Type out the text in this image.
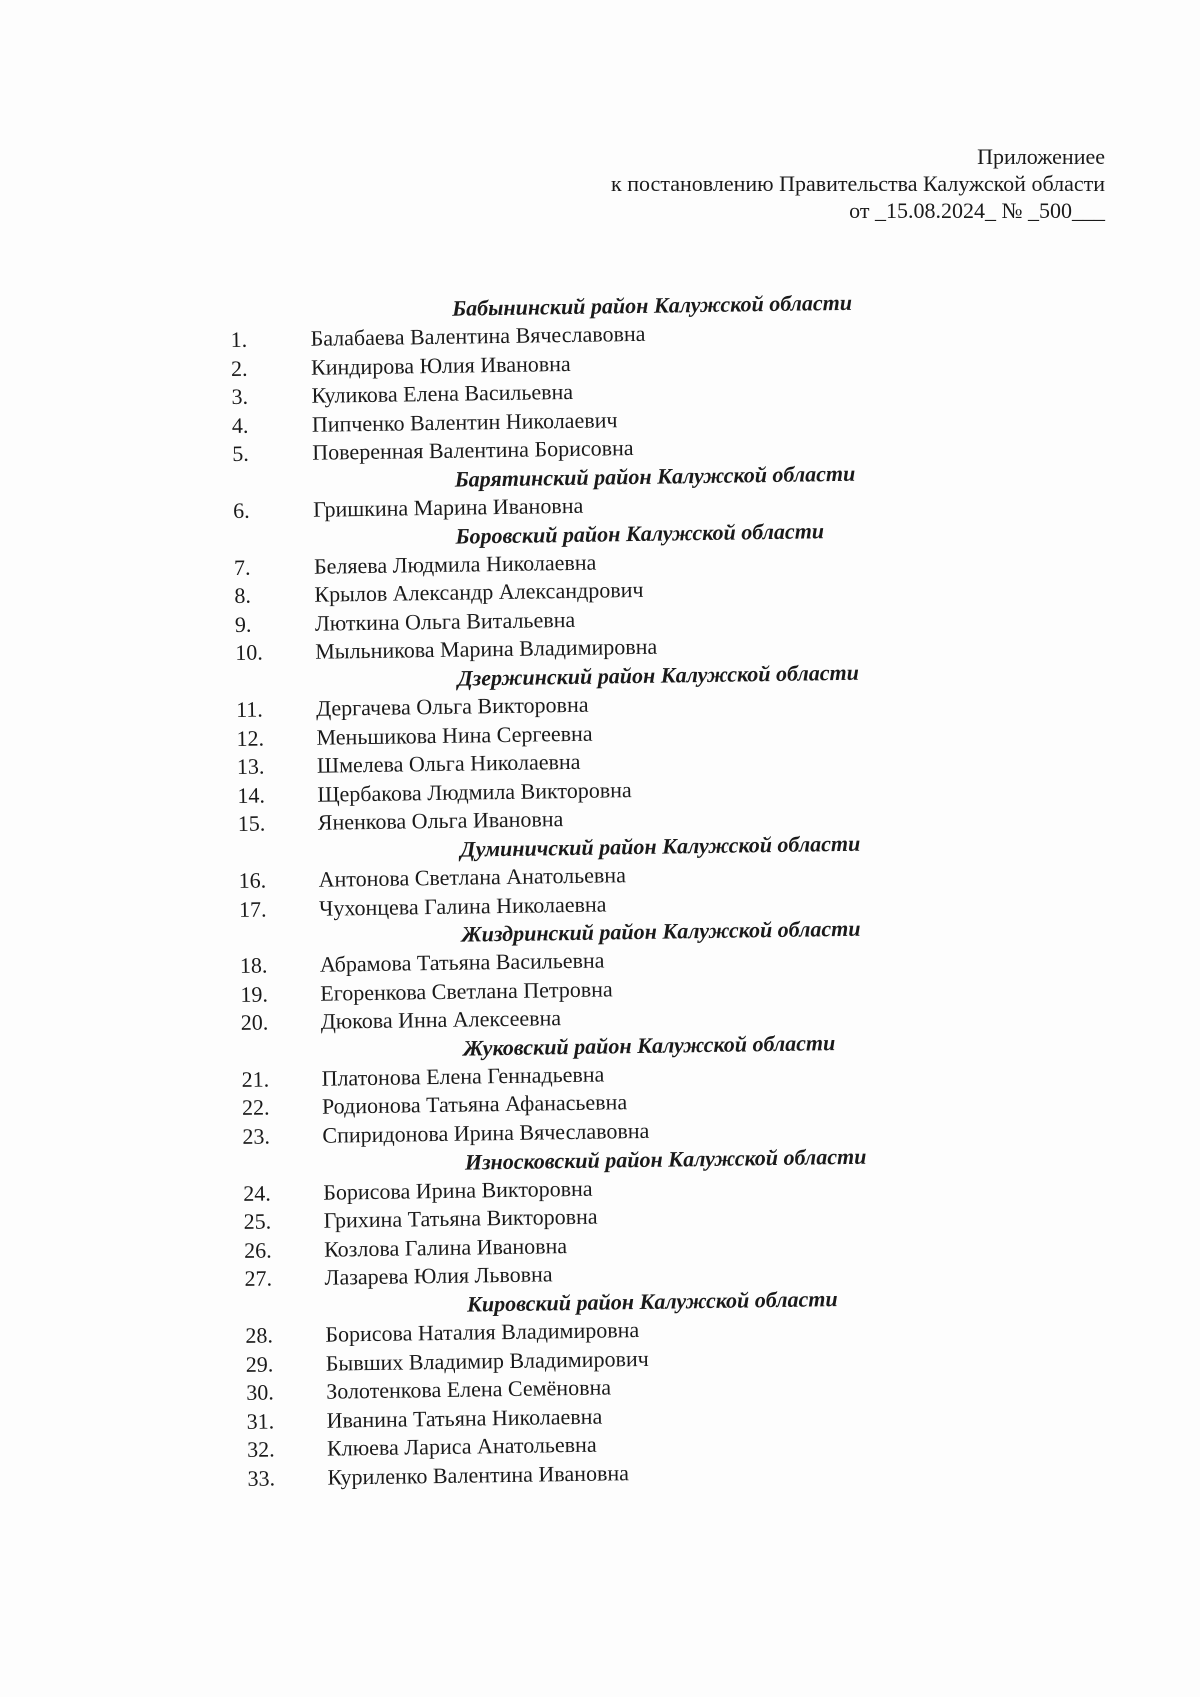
Приложениее
к постановлению Правительства Калужской области
от _15.08.2024_ № _500___
Бабынинский район Калужской области
1.	Балабаева Валентина Вячеславовна
2.	Киндирова Юлия Ивановна
3.	Куликова Елена Васильевна
4.	Пипченко Валентин Николаевич
5.	Поверенная Валентина Борисовна
Барятинский район Калужской области
6.	Гришкина Марина Ивановна
Боровский район Калужской области
7.	Беляева Людмила Николаевна
8.	Крылов Александр Александрович
9.	Люткина Ольга Витальевна
10.	Мыльникова Марина Владимировна
Дзержинский район Калужской области
11.	Дергачева Ольга Викторовна
12.	Меньшикова Нина Сергеевна
13.	Шмелева Ольга Николаевна
14.	Щербакова Людмила Викторовна
15.	Яненкова Ольга Ивановна
Думиничский район Калужской области
16.	Антонова Светлана Анатольевна
17.	Чухонцева Галина Николаевна
Жиздринский район Калужской области
18.	Абрамова Татьяна Васильевна
19.	Егоренкова Светлана Петровна
20.	Дюкова Инна Алексеевна
Жуковский район Калужской области
21.	Платонова Елена Геннадьевна
22.	Родионова Татьяна Афанасьевна
23.	Спиридонова Ирина Вячеславовна
Износковский район Калужской области
24.	Борисова Ирина Викторовна
25.	Грихина Татьяна Викторовна
26.	Козлова Галина Ивановна
27.	Лазарева Юлия Львовна
Кировский район Калужской области
28.	Борисова Наталия Владимировна
29.	Бывших Владимир Владимирович
30.	Золотенкова Елена Семёновна
31.	Иванина Татьяна Николаевна
32.	Клюева Лариса Анатольевна
33.	Куриленко Валентина Ивановна
